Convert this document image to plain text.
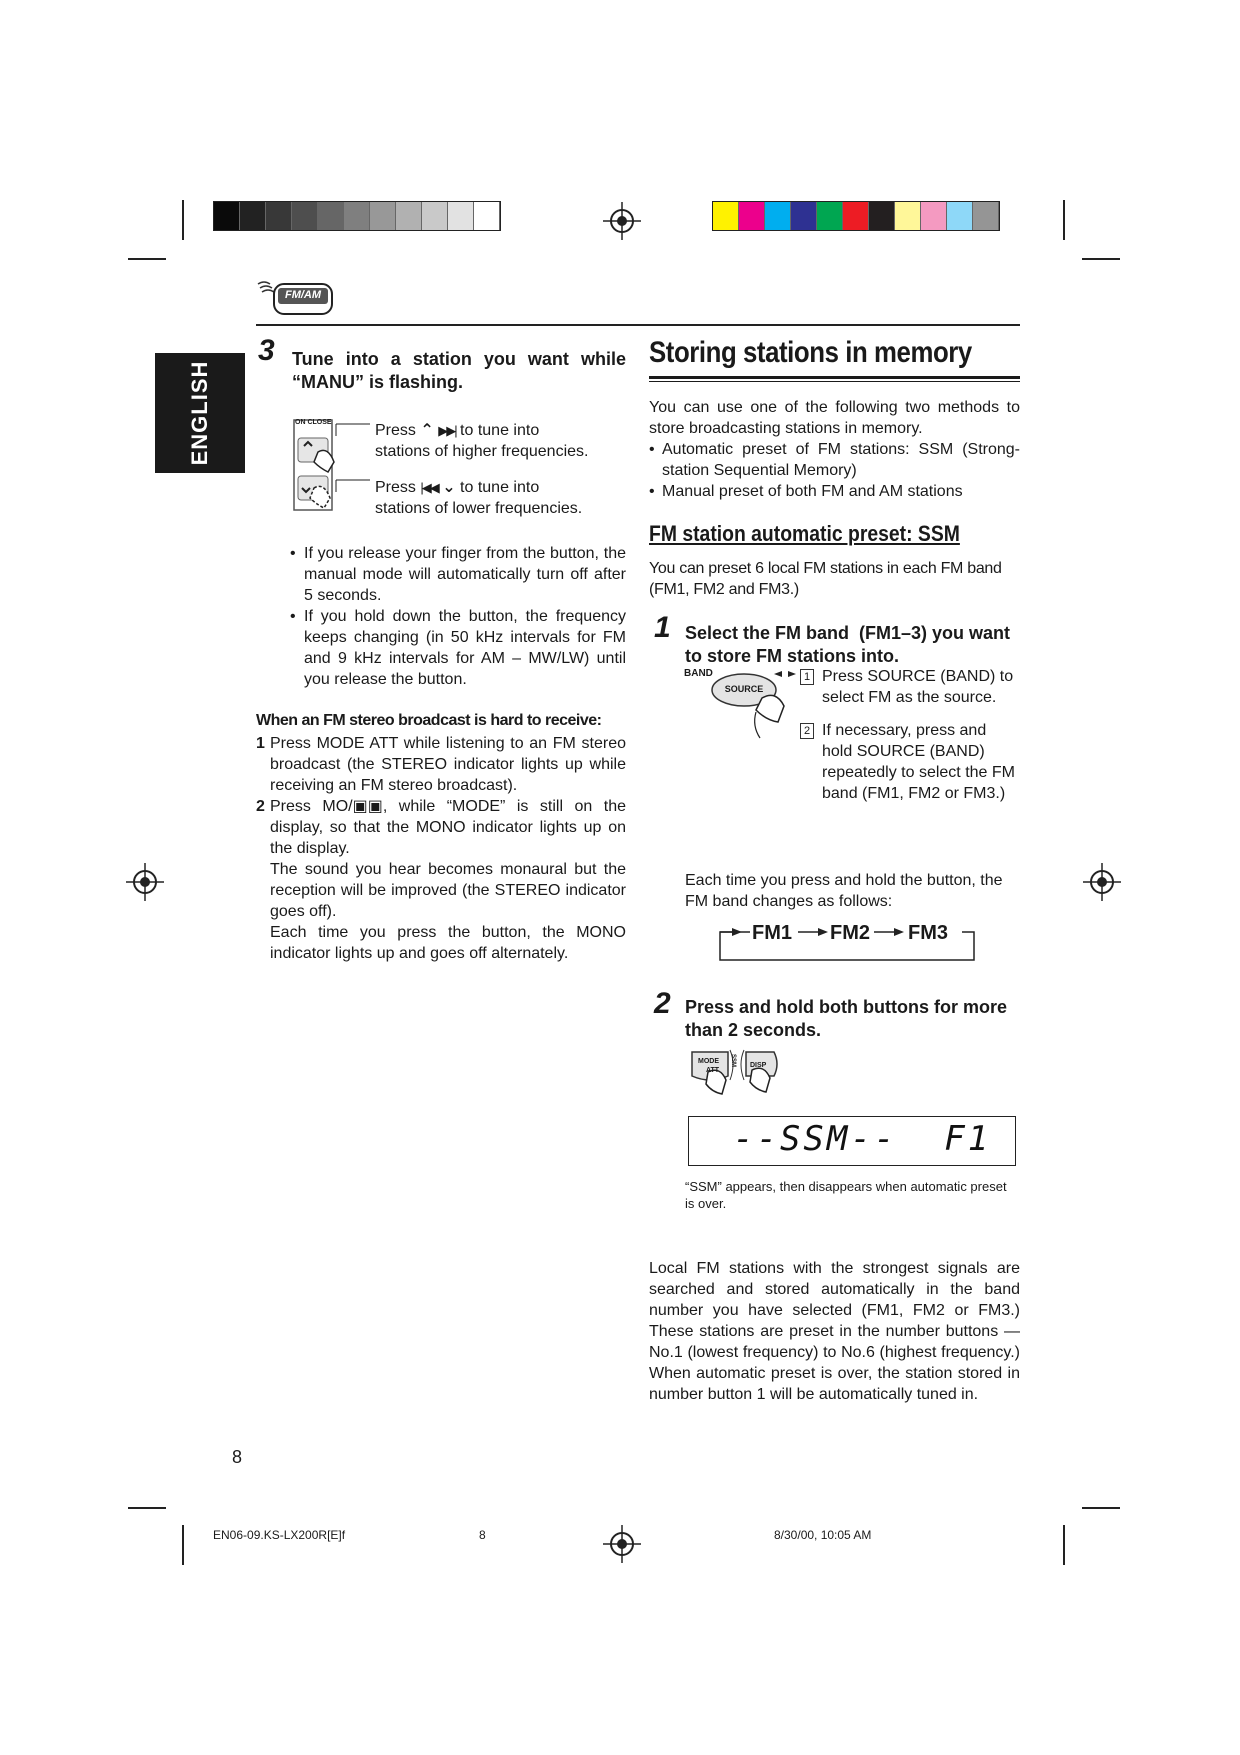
FM/AM
ENGLISH
3 Tune into a station you want while
“MANU” is flashing.
ON CLOSE	Press ⌃ ▶▶| to tune into
stations of higher frequencies.
Press |◀◀ ⌄ to tune into
stations of lower frequencies.
• If you release your finger from the button, the manual mode will automatically turn off after 5 seconds.
• If you hold down the button, the frequency keeps changing (in 50 kHz intervals for FM and 9 kHz intervals for AM – MW/LW) until you release the button.
When an FM stereo broadcast is hard to receive:
1 Press MODE ATT while listening to an FM stereo broadcast (the STEREO indicator lights up while receiving an FM stereo broadcast).
2 Press MO/▣▣, while “MODE” is still on the display, so that the MONO indicator lights up on the display.
The sound you hear becomes monaural but the reception will be improved (the STEREO indicator goes off).
Each time you press the button, the MONO indicator lights up and goes off alternately.
Storing stations in memory
You can use one of the following two methods to store broadcasting stations in memory.
• Automatic preset of FM stations: SSM (Strong-station Sequential Memory)
• Manual preset of both FM and AM stations
FM station automatic preset: SSM
You can preset 6 local FM stations in each FM band (FM1, FM2 and FM3.)
1 Select the FM band  (FM1–3) you want
to store FM stations into.
BAND
SOURCE
1 Press SOURCE (BAND) to select FM as the source.
2 If necessary, press and hold SOURCE (BAND) repeatedly to select the FM band (FM1, FM2 or FM3.)
Each time you press and hold the button, the FM band changes as follows:
FM1 FM2 FM3
2 Press and hold both buttons for more
than 2 seconds.
MODE
ATT
SSM DISP
--SSM--  F1
“SSM” appears, then disappears when automatic preset is over.
Local FM stations with the strongest signals are searched and stored automatically in the band number you have selected (FM1, FM2 or FM3.) These stations are preset in the number buttons — No.1 (lowest frequency) to No.6 (highest frequency.) When automatic preset is over, the station stored in number button 1 will be automatically tuned in.
8
EN06-09.KS-LX200R[E]f	8	8/30/00, 10:05 AM
